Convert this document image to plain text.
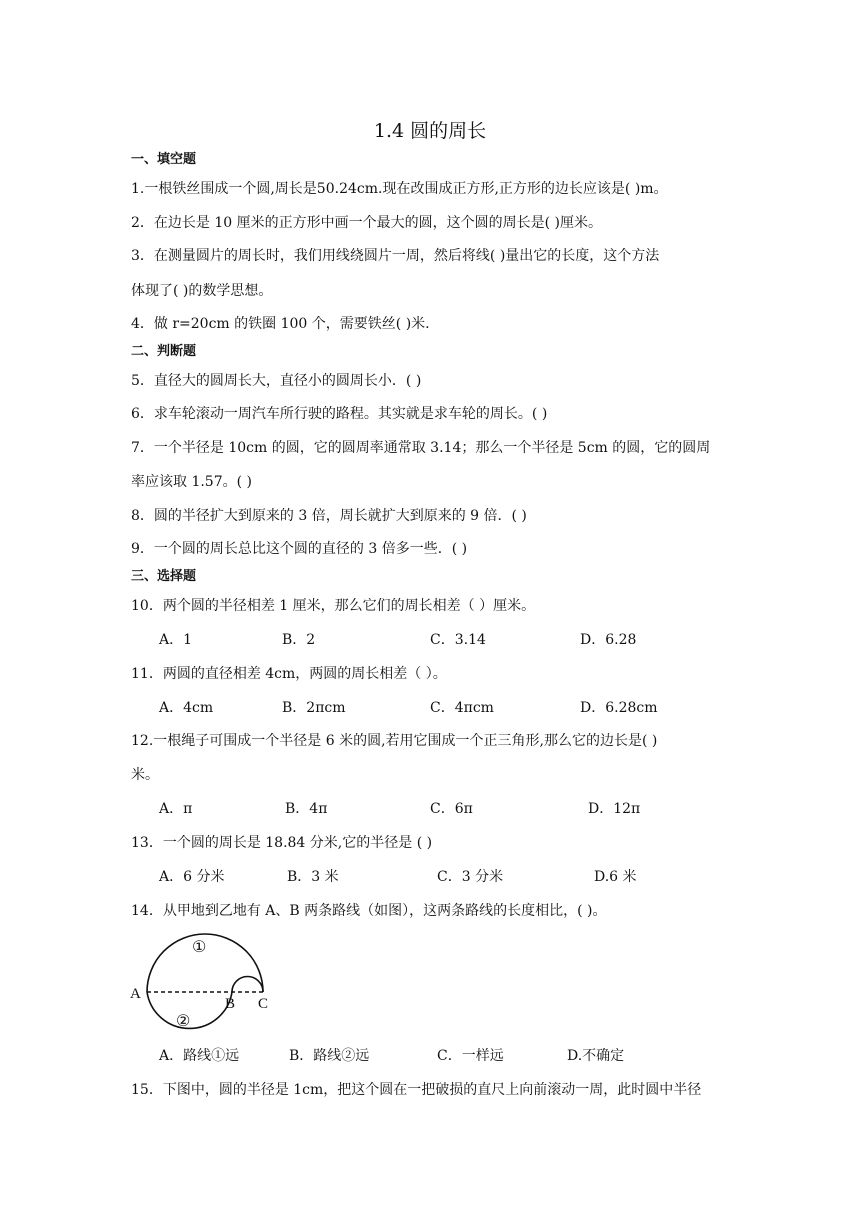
1.4 圆的周长
一、填空题
1.一根铁丝围成一个圆,周长是50.24cm.现在改围成正方形,正方形的边长应该是( )m。
2．在边长是 10 厘米的正方形中画一个最大的圆，这个圆的周长是( )厘米。
3．在测量圆片的周长时，我们用线绕圆片一周，然后将线( )量出它的长度，这个方法
体现了( )的数学思想。
4．做 r=20cm 的铁圈 100 个，需要铁丝( )米.
二、判断题
5．直径大的圆周长大，直径小的圆周长小．( )
6．求车轮滚动一周汽车所行驶的路程。其实就是求车轮的周长。( )
7．一个半径是 10cm 的圆，它的圆周率通常取 3.14；那么一个半径是 5cm 的圆，它的圆周
率应该取 1.57。( )
8．圆的半径扩大到原来的 3 倍，周长就扩大到原来的 9 倍．( )
9．一个圆的周长总比这个圆的直径的 3 倍多一些．( )
三、选择题
10．两个圆的半径相差 1 厘米，那么它们的周长相差（ ）厘米。
A．1	B．2	C．3.14	D．6.28
11．两圆的直径相差 4cm，两圆的周长相差（ ）。
A．4cm	B．2πcm	C．4πcm	D．6.28cm
12.一根绳子可围成一个半径是 6 米的圆,若用它围成一个正三角形,那么它的边长是( )
米。
A．π	B．4π	C．6π	D．12π
13．一个圆的周长是 18.84 分米,它的半径是 ( )
A．6 分米	B．3 米	C．3 分米	D.6 米
14．从甲地到乙地有 A、B 两条路线（如图），这两条路线的长度相比，( )。
①
②
A
B C
A．路线①远	B．路线②远	C．一样远	D.不确定
15．下图中，圆的半径是 1cm，把这个圆在一把破损的直尺上向前滚动一周，此时圆中半径
